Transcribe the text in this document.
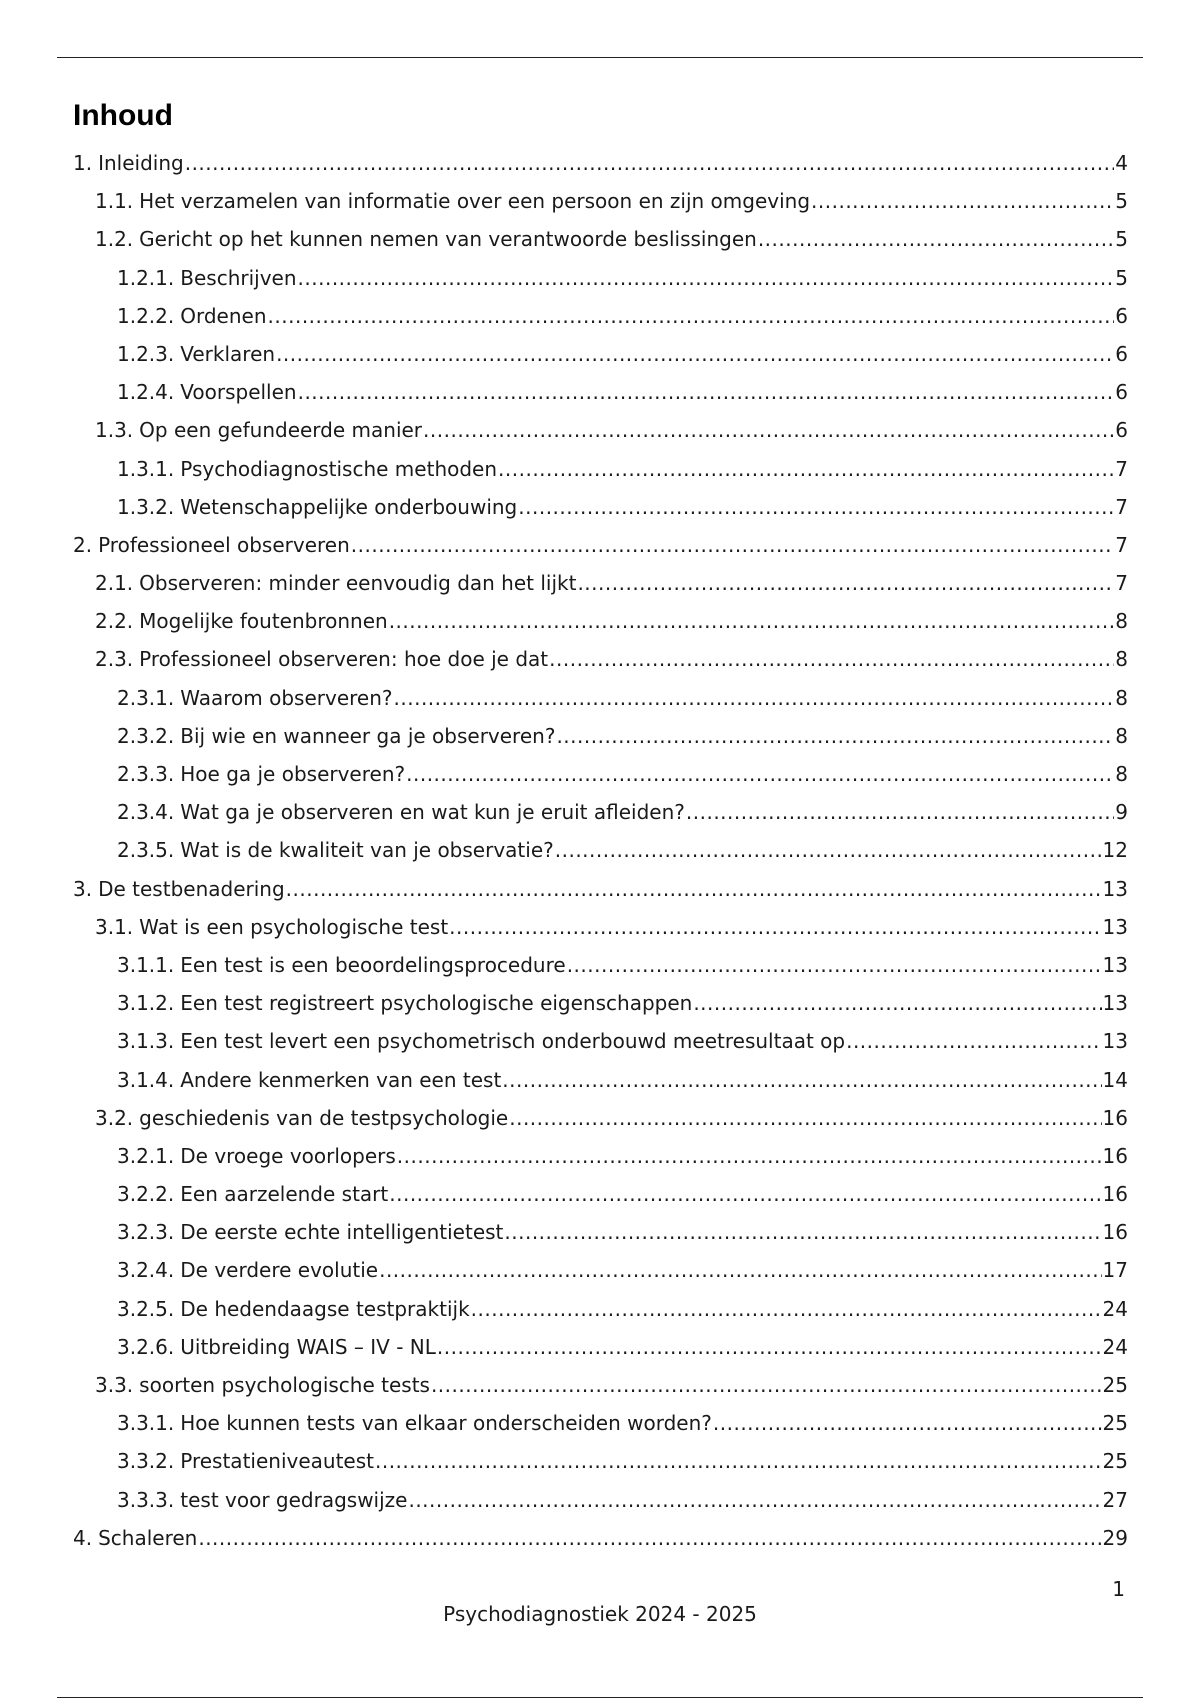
Inhoud
1. Inleiding .....	4
1.1. Het verzamelen van informatie over een persoon en zijn omgeving .....	5
1.2. Gericht op het kunnen nemen van verantwoorde beslissingen .....	5
1.2.1. Beschrijven .....	5
1.2.2. Ordenen .....	6
1.2.3. Verklaren .....	6
1.2.4. Voorspellen .....	6
1.3. Op een gefundeerde manier .....	6
1.3.1. Psychodiagnostische methoden .....	7
1.3.2. Wetenschappelijke onderbouwing .....	7
2. Professioneel observeren .....	7
2.1. Observeren: minder eenvoudig dan het lijkt .....	7
2.2. Mogelijke foutenbronnen .....	8
2.3. Professioneel observeren: hoe doe je dat .....	8
2.3.1. Waarom observeren? .....	8
2.3.2. Bij wie en wanneer ga je observeren? .....	8
2.3.3. Hoe ga je observeren? .....	8
2.3.4. Wat ga je observeren en wat kun je eruit afleiden? .....	9
2.3.5. Wat is de kwaliteit van je observatie? .....	12
3. De testbenadering .....	13
3.1. Wat is een psychologische test .....	13
3.1.1. Een test is een beoordelingsprocedure .....	13
3.1.2. Een test registreert psychologische eigenschappen .....	13
3.1.3. Een test levert een psychometrisch onderbouwd meetresultaat op .....	13
3.1.4. Andere kenmerken van een test .....	14
3.2. geschiedenis van de testpsychologie .....	16
3.2.1. De vroege voorlopers .....	16
3.2.2. Een aarzelende start .....	16
3.2.3. De eerste echte intelligentietest .....	16
3.2.4. De verdere evolutie .....	17
3.2.5. De hedendaagse testpraktijk .....	24
3.2.6. Uitbreiding WAIS – IV - NL .....	24
3.3. soorten psychologische tests .....	25
3.3.1. Hoe kunnen tests van elkaar onderscheiden worden? .....	25
3.3.2. Prestatieniveautest .....	25
3.3.3. test voor gedragswijze .....	27
4. Schaleren .....	29
1
Psychodiagnostiek 2024 - 2025
